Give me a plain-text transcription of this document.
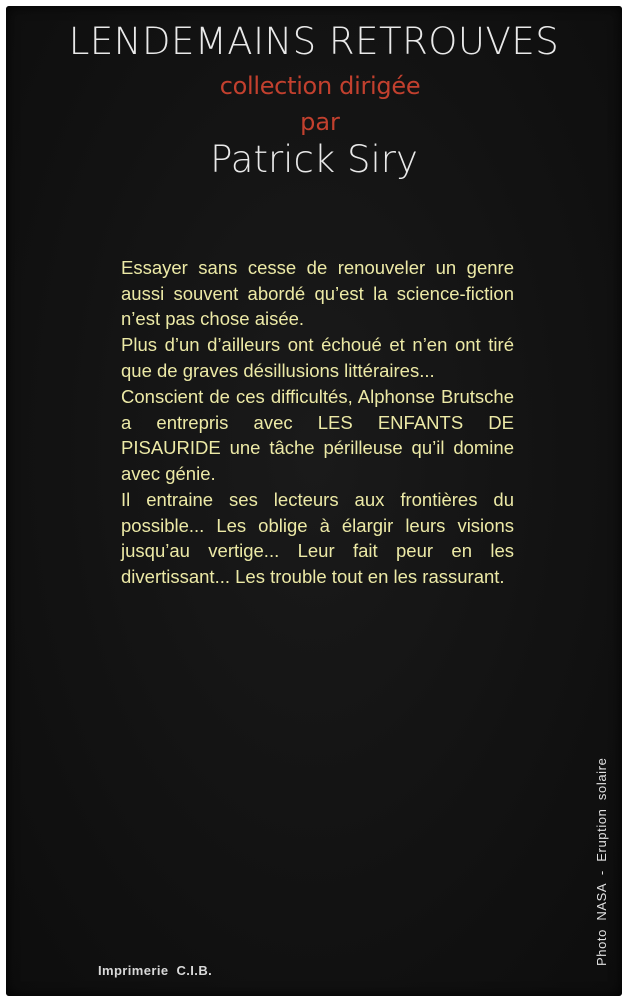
LENDEMAINS RETROUVES
collection dirigée
par
Patrick Siry

Essayer sans cesse de renouveler un genre aussi souvent abordé qu’est la science-fiction n’est pas chose aisée.

Plus d’un d’ailleurs ont échoué et n’en ont tiré que de graves désillusions littéraires...

Conscient de ces difficultés, Alphonse Brutsche a entrepris avec LES ENFANTS DE PISAURIDE une tâche périlleuse qu’il domine avec génie.

Il entraine ses lecteurs aux frontières du possible... Les oblige à élargir leurs visions jusqu’au vertige... Leur fait peur en les divertissant... Les trouble tout en les rassurant.

Photo  NASA  -  Eruption  solaire
Imprimerie  C.I.B.
